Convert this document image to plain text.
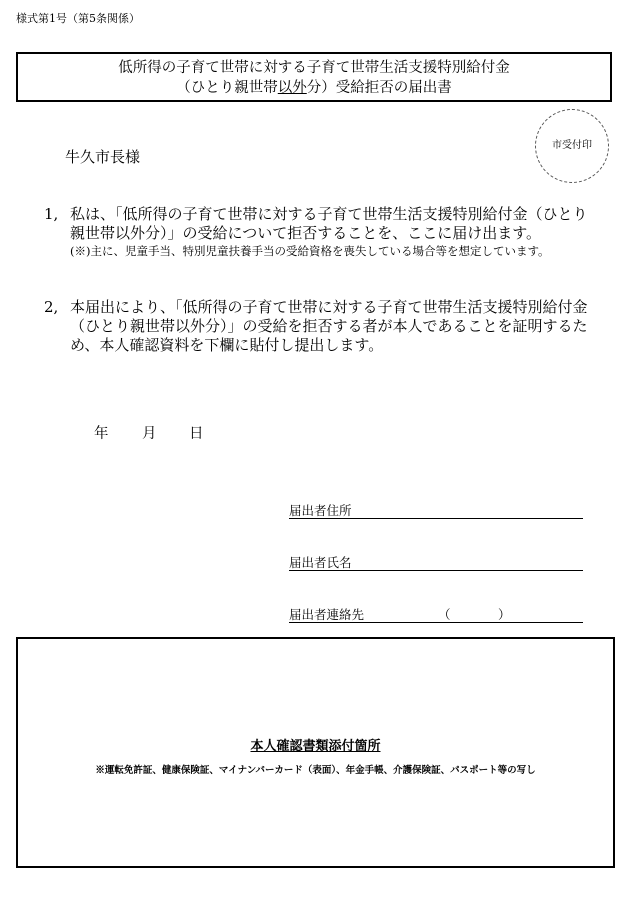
様式第1号（第5条関係）
低所得の子育て世帯に対する子育て世帯生活支援特別給付金
（ひとり親世帯以外分）受給拒否の届出書
市受付印
牛久市長様
1, 私は、「低所得の子育て世帯に対する子育て世帯生活支援特別給付金（ひとり親世帯以外分）」の受給について拒否することを、ここに届け出ます。
(※)主に、児童手当、特別児童扶養手当の受給資格を喪失している場合等を想定しています。
2, 本届出により、「低所得の子育て世帯に対する子育て世帯生活支援特別給付金（ひとり親世帯以外分）」の受給を拒否する者が本人であることを証明するため、本人確認資料を下欄に貼付し提出します。
年 月 日
届出者住所
届出者氏名
届出者連絡先	（	）
本人確認書類添付箇所
※運転免許証、健康保険証、マイナンバーカード（表面）、年金手帳、介護保険証、パスポート等の写し
